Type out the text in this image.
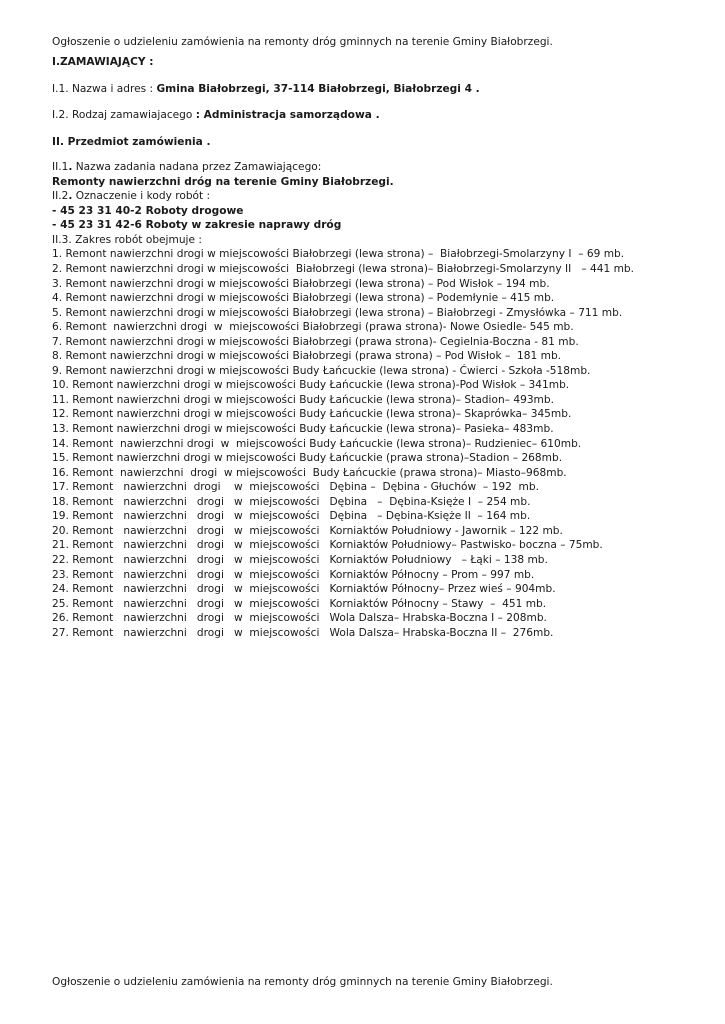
Ogłoszenie o udzieleniu zamówienia na remonty dróg gminnych na terenie Gminy Białobrzegi.
I.ZAMAWIAJĄCY :
I.1. Nazwa i adres : Gmina Białobrzegi, 37-114 Białobrzegi, Białobrzegi 4 .
I.2. Rodzaj zamawiajacego : Administracja samorządowa .
II. Przedmiot zamówienia .
II.1. Nazwa zadania nadana przez Zamawiającego:
Remonty nawierzchni dróg na terenie Gminy Białobrzegi.
II.2. Oznaczenie i kody robót :
- 45 23 31 40-2 Roboty drogowe
- 45 23 31 42-6 Roboty w zakresie naprawy dróg
II.3. Zakres robót obejmuje :
1. Remont nawierzchni drogi w miejscowości Białobrzegi (lewa strona) –  Białobrzegi-Smolarzyny I  – 69 mb.
2. Remont nawierzchni drogi w miejscowości  Białobrzegi (lewa strona)– Białobrzegi-Smolarzyny II   – 441 mb.
3. Remont nawierzchni drogi w miejscowości Białobrzegi (lewa strona) – Pod Wisłok – 194 mb.
4. Remont nawierzchni drogi w miejscowości Białobrzegi (lewa strona) – Podemłynie – 415 mb.
5. Remont nawierzchni drogi w miejscowości Białobrzegi (lewa strona) – Białobrzegi - Zmysłówka – 711 mb.
6. Remont  nawierzchni drogi  w  miejscowości Białobrzegi (prawa strona)- Nowe Osiedle- 545 mb.
7. Remont nawierzchni drogi w miejscowości Białobrzegi (prawa strona)- Cegielnia-Boczna - 81 mb.
8. Remont nawierzchni drogi w miejscowości Białobrzegi (prawa strona) – Pod Wisłok –  181 mb.
9. Remont nawierzchni drogi w miejscowości Budy Łańcuckie (lewa strona) - Ćwierci - Szkoła -518mb.
10. Remont nawierzchni drogi w miejscowości Budy Łańcuckie (lewa strona)-Pod Wisłok – 341mb.
11. Remont nawierzchni drogi w miejscowości Budy Łańcuckie (lewa strona)– Stadion– 493mb.
12. Remont nawierzchni drogi w miejscowości Budy Łańcuckie (lewa strona)– Skaprówka– 345mb.
13. Remont nawierzchni drogi w miejscowości Budy Łańcuckie (lewa strona)– Pasieka– 483mb.
14. Remont  nawierzchni drogi  w  miejscowości Budy Łańcuckie (lewa strona)– Rudzieniec– 610mb.
15. Remont nawierzchni drogi w miejscowości Budy Łańcuckie (prawa strona)–Stadion – 268mb.
16. Remont  nawierzchni  drogi  w miejscowości  Budy Łańcuckie (prawa strona)– Miasto–968mb.
17. Remont   nawierzchni  drogi    w  miejscowości   Dębina –  Dębina - Głuchów  – 192  mb.
18. Remont   nawierzchni   drogi   w  miejscowości   Dębina   –  Dębina-Księże I  – 254 mb.
19. Remont   nawierzchni   drogi   w  miejscowości   Dębina   – Dębina-Księże II  – 164 mb.
20. Remont   nawierzchni   drogi   w  miejscowości   Korniaktów Południowy - Jawornik – 122 mb.
21. Remont   nawierzchni   drogi   w  miejscowości   Korniaktów Południowy– Pastwisko- boczna – 75mb.
22. Remont   nawierzchni   drogi   w  miejscowości   Korniaktów Południowy   – Łąki – 138 mb.
23. Remont   nawierzchni   drogi   w  miejscowości   Korniaktów Północny – Prom – 997 mb.
24. Remont   nawierzchni   drogi   w  miejscowości   Korniaktów Północny– Przez wieś – 904mb.
25. Remont   nawierzchni   drogi   w  miejscowości   Korniaktów Północny – Stawy  –  451 mb.
26. Remont   nawierzchni   drogi   w  miejscowości   Wola Dalsza– Hrabska-Boczna I – 208mb.
27. Remont   nawierzchni   drogi   w  miejscowości   Wola Dalsza– Hrabska-Boczna II –  276mb.
Ogłoszenie o udzieleniu zamówienia na remonty dróg gminnych na terenie Gminy Białobrzegi.
